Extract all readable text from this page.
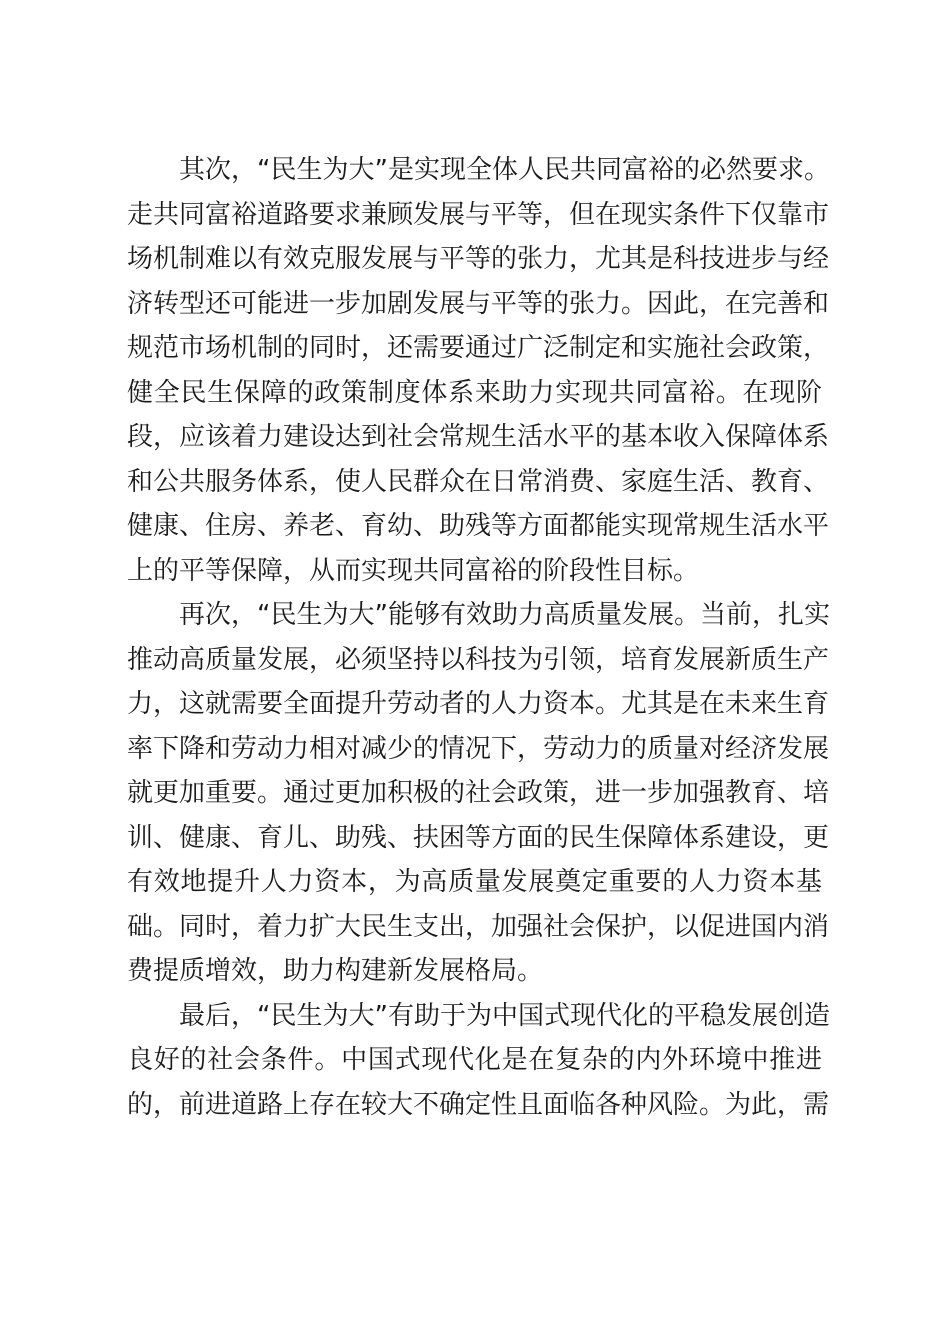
其次，“民生为大”是实现全体人民共同富裕的必然要求。
走共同富裕道路要求兼顾发展与平等，但在现实条件下仅靠市
场机制难以有效克服发展与平等的张力，尤其是科技进步与经
济转型还可能进一步加剧发展与平等的张力。因此，在完善和
规范市场机制的同时，还需要通过广泛制定和实施社会政策，
健全民生保障的政策制度体系来助力实现共同富裕。在现阶
段，应该着力建设达到社会常规生活水平的基本收入保障体系
和公共服务体系，使人民群众在日常消费、家庭生活、教育、
健康、住房、养老、育幼、助残等方面都能实现常规生活水平
上的平等保障，从而实现共同富裕的阶段性目标。
再次，“民生为大”能够有效助力高质量发展。当前，扎实
推动高质量发展，必须坚持以科技为引领，培育发展新质生产
力，这就需要全面提升劳动者的人力资本。尤其是在未来生育
率下降和劳动力相对减少的情况下，劳动力的质量对经济发展
就更加重要。通过更加积极的社会政策，进一步加强教育、培
训、健康、育儿、助残、扶困等方面的民生保障体系建设，更
有效地提升人力资本，为高质量发展奠定重要的人力资本基
础。同时，着力扩大民生支出，加强社会保护，以促进国内消
费提质增效，助力构建新发展格局。
最后，“民生为大”有助于为中国式现代化的平稳发展创造
良好的社会条件。中国式现代化是在复杂的内外环境中推进
的，前进道路上存在较大不确定性且面临各种风险。为此，需
